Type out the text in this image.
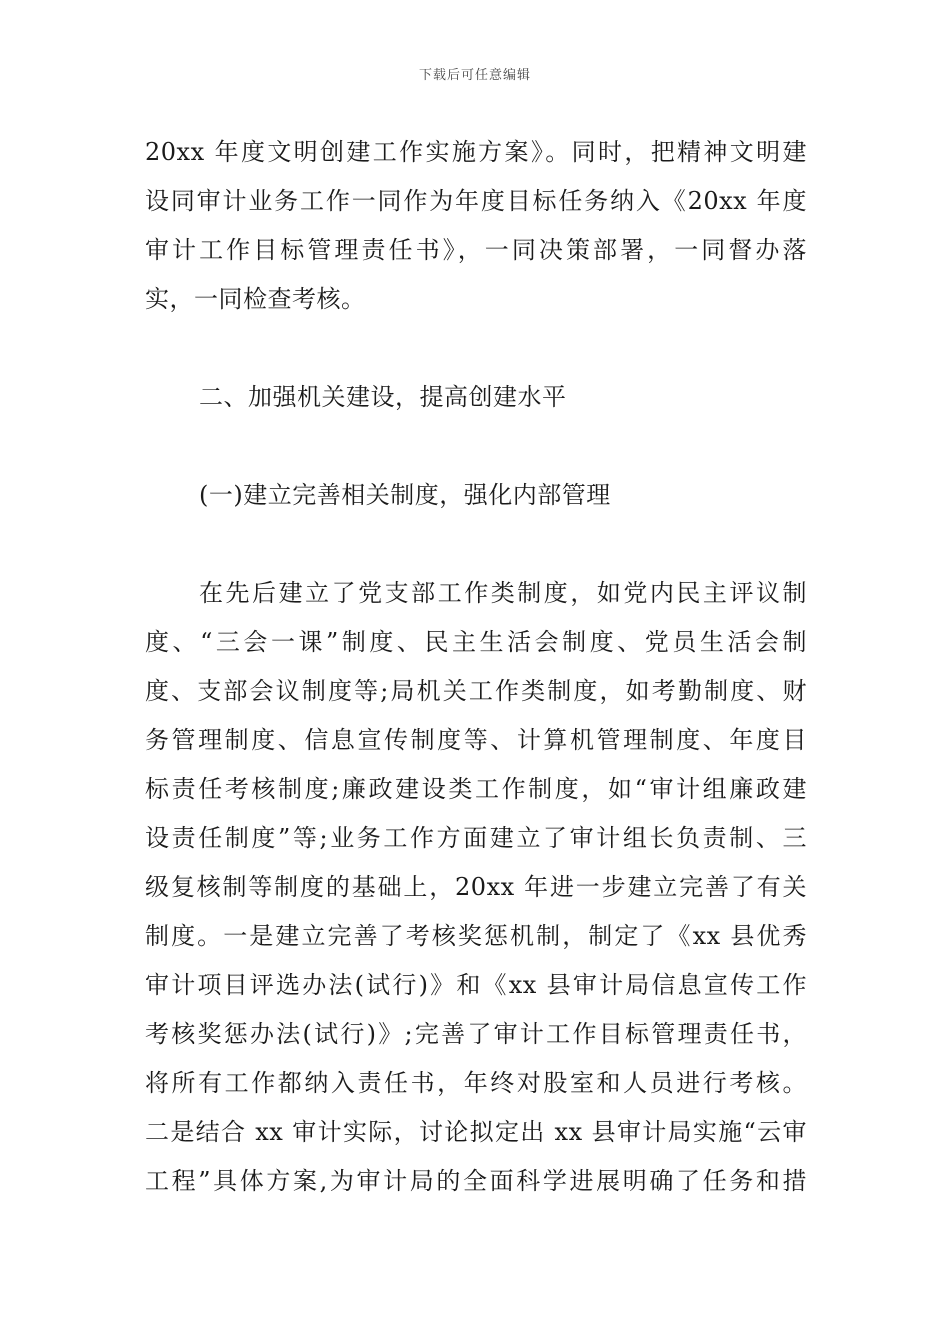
下载后可任意编辑
20xx 年度文明创建工作实施方案》。同时，把精神文明建
设同审计业务工作一同作为年度目标任务纳入《20xx 年度
审计工作目标管理责任书》，一同决策部署，一同督办落
实，一同检查考核。
二、加强机关建设，提高创建水平
(一)建立完善相关制度，强化内部管理
在先后建立了党支部工作类制度，如党内民主评议制
度、“三会一课”制度、民主生活会制度、党员生活会制
度、支部会议制度等;局机关工作类制度，如考勤制度、财
务管理制度、信息宣传制度等、计算机管理制度、年度目
标责任考核制度;廉政建设类工作制度，如“审计组廉政建
设责任制度”等;业务工作方面建立了审计组长负责制、三
级复核制等制度的基础上，20xx 年进一步建立完善了有关
制度。一是建立完善了考核奖惩机制，制定了《xx 县优秀
审计项目评选办法(试行)》和《xx 县审计局信息宣传工作
考核奖惩办法(试行)》;完善了审计工作目标管理责任书，
将所有工作都纳入责任书，年终对股室和人员进行考核。
二是结合 xx 审计实际，讨论拟定出 xx 县审计局实施“云审
工程”具体方案,为审计局的全面科学进展明确了任务和措
